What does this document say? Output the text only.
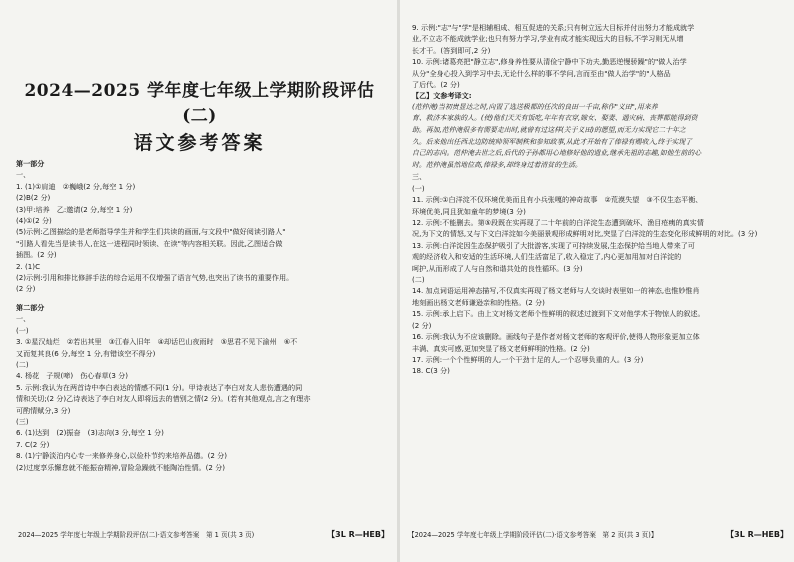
2024—2025 学年度七年级上学期阶段评估(二)
语文参考答案
第一部分
一、
1. (1)①肩迪　②巍峨(2 分,每空 1 分)
(2)B(2 分)
(3)甲:培养　乙:邀请(2 分,每空 1 分)
(4)①(2 分)
(5)示例:乙图描绘的是老师指导学生并和学生们共读的画面,与文段中"做好阅读引路人"
"引路人看先当是读书人,在这一进程同时领读、在读"等内容相关联。因此,乙图适合做
插图。(2 分)
2. (1)C
(2)示例:引用和排比修辞手法的综合运用不仅增强了语言气势,也突出了读书的重要作用。
(2 分)
第二部分
一、
(一)
3. ①星汉灿烂　②若出其里　③江春入旧年　④却话巴山夜雨时　⑤思君不见下渝州　⑥不
又而复其良(6 分,每空 1 分,有错该空不得分)
(二)
4. 杨花　子规(啼)　伤心春草(3 分)
5. 示例:我认为在两首诗中李白表达的情感不同(1 分)。甲诗表达了李白对友人悲伤遭遇的同
情和关切;(2 分)乙诗表达了李白对友人即将远去的惜别之情(2 分)。(若有其他观点,言之有理亦
可酌情赋分,3 分)
(三)
6. (1)达到　(2)振奋　(3)志向(3 分,每空 1 分)
7. C(2 分)
8. (1)宁静淡泊内心专一来修养身心,以俭朴节约来培养品德。(2 分)
(2)过度享乐懈怠就不能振奋精神,冒险急躁就不能陶冶性情。(2 分)
2024—2025 学年度七年级上学期阶段评估(二)·语文参考答案　第 1 页(共 3 页)	【3L R—HEB】
9. 示例:"志"与"学"是相辅相成、相互促进的关系;只有树立远大目标并付出努力才能成就学
业,不立志不能成就学业;也只有努力学习,学业有成才能实现远大的目标,不学习则无从增
长才干。(答到即可,2 分)
10. 示例:诸葛亮把"静立志",修身养性要从清俭宁静中下功夫,勤恶逆慢骄躁"的"做人治学
从分"全身心投入到学习中去,无论什么样的事不学问,言而至由"做人治学"的"人格品
了后代。(2 分)
【乙】文参考译文:
(范仲淹)当初贵显达之时,向置了选送极都的任次的良田一千亩,称作"义田",用来养
育、救济本家族的人。(使)他们天天有饭吃,年年有衣穿,嫁女、娶妻、遇灾病、丧葬都能得到资
助。再加,范仲淹很多有需要走出时,就曾有过这样(关于义田)的愿望,而无力实现它二十年之
久。后来他出任西北边防统帅领军制秩和参知政事,从此才开始有了俸禄有赐收入,终于实现了
自己的志向。范仲淹去世之后,后代的子孙都用心地修好他的遗业,继承先祖的志趣,如他生前的心
时。范仲淹虽然地位高,俸禄多,却终身过着清贫的生活。
三、
(一)
11. 示例:①白洋淀不仅环境优美而且有小兵张嘎的神奇故事　②荒漠失望　③不仅生态平衡、
环境优美,同且犹如童年的梦境(3 分)
12. 示例:不能删去。第⑤段既在实再现了二十年前的白洋淀生态遭到破坏、渔目疮痍的真实情
况,为下文的情怒,又与下文白洋淀如今美丽景观形成鲜明对比,突显了白洋淀的生态变化形成鲜明的对比。(3 分)
13. 示例:白洋淀因生态保护吸引了大批游客,实现了可持续发展,生态保护给当地人带来了可
观的经济收入和安适的生活环境,人们生活富足了,收入稳定了,内心更加用加对白洋淀的
呵护,从而形成了人与自然和谐共处的良性循环。(3 分)
(二)
14. 加点词语运用神态描写,不仅真实再现了杨文老师与人交谈时表里如一的神态,也惟妙惟肖
地刻画出杨文老师谦逊亲和的性格。(2 分)
15. 示例:承上启下。由上文对杨文老师个性鲜明的叙述过渡到下文对他学术于物惊人的叙述。
(2 分)
16. 示例:我认为不应该删除。画线句子是作者对杨文老师的客观评价,使得人物形象更加立体
丰满、真实可感,更加突显了杨文老师鲜明的性格。(2 分)
17. 示例:一个个性鲜明的人,一个干劲十足的人,一个忍辱负重的人。(3 分)
18. C(3 分)
【2024—2025 学年度七年级上学期阶段评估(二)·语文参考答案　第 2 页(共 3 页)】	【3L R—HEB】
